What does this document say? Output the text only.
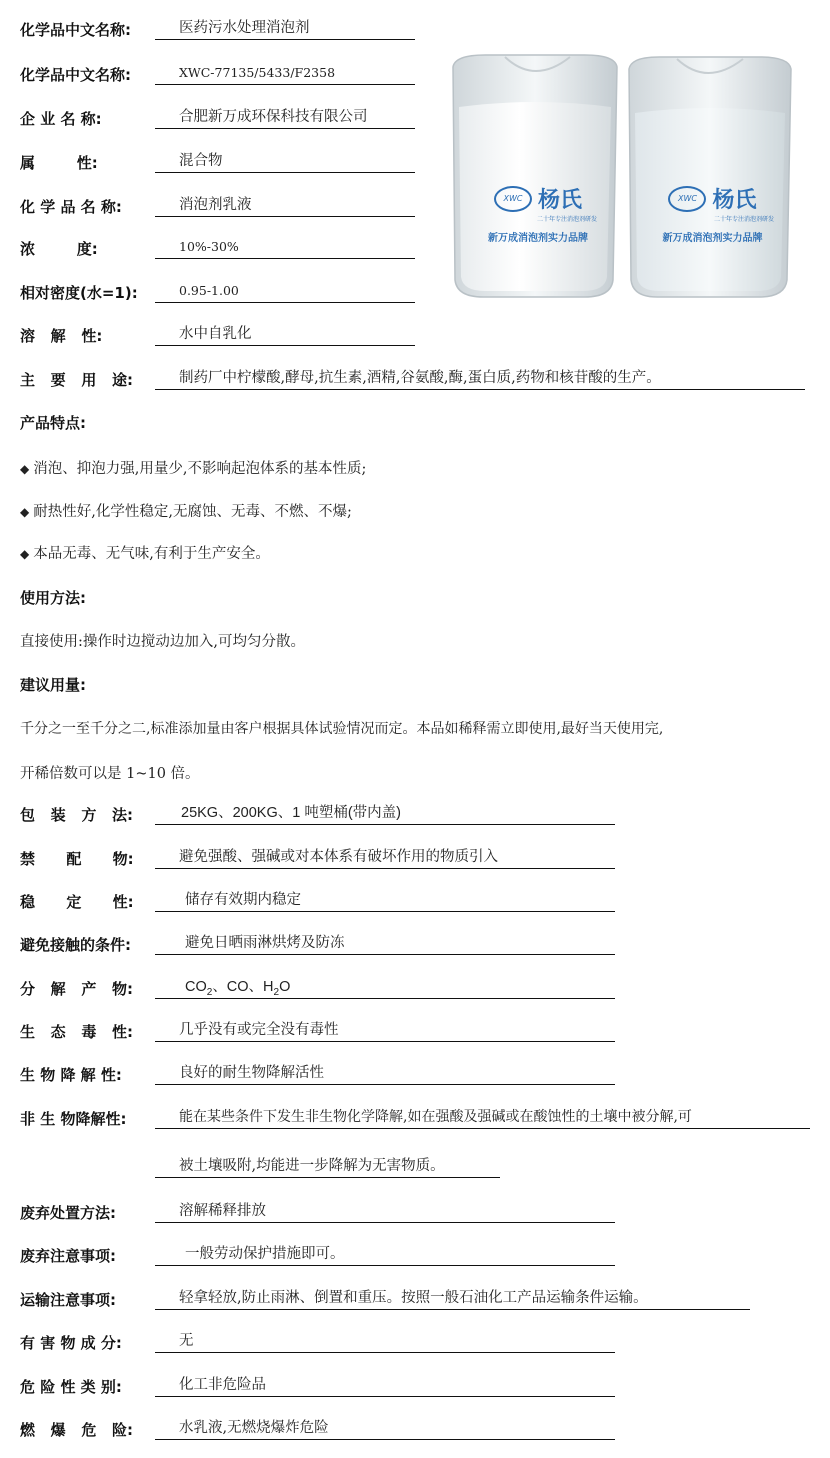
化学品中文名称:	医药污水处理消泡剂
化学品中文名称:	XWC-77135/5433/F2358
企 业 名 称:	合肥新万成环保科技有限公司
属        性:	混合物
化 学 品 名 称:	消泡剂乳液
浓        度:	10%-30%
相对密度(水=1):	0.95-1.00
溶   解   性:	水中自乳化
主   要   用   途:	制药厂中柠檬酸,酵母,抗生素,酒精,谷氨酸,酶,蛋白质,药物和核苷酸的生产。
XWC 杨氏
二十年专注消泡剂研发
新万成消泡剂实力品牌
XWC 杨氏
二十年专注消泡剂研发
新万成消泡剂实力品牌
产品特点:
◆ 消泡、抑泡力强,用量少,不影响起泡体系的基本性质;
◆ 耐热性好,化学性稳定,无腐蚀、无毒、不燃、不爆;
◆ 本品无毒、无气味,有利于生产安全。
使用方法:
直接使用:操作时边搅动边加入,可均匀分散。
建议用量:
千分之一至千分之二,标准添加量由客户根据具体试验情况而定。本品如稀释需立即使用,最好当天使用完,
开稀倍数可以是 1~10 倍。
包   装   方   法:	25KG、200KG、1 吨塑桶(带内盖)
禁      配      物:	避免强酸、强碱或对本体系有破坏作用的物质引入
稳      定      性:	储存有效期内稳定
避免接触的条件:	避免日晒雨淋烘烤及防冻
分   解   产   物:	$CO_2$、CO、$H_2O$
生   态   毒   性:	几乎没有或完全没有毒性
生 物 降 解 性:	良好的耐生物降解活性
非 生 物降解性:	能在某些条件下发生非生物化学降解,如在强酸及强碱或在酸蚀性的土壤中被分解,可
被土壤吸附,均能进一步降解为无害物质。
废弃处置方法:	溶解稀释排放
废弃注意事项:	一般劳动保护措施即可。
运输注意事项:	轻拿轻放,防止雨淋、倒置和重压。按照一般石油化工产品运输条件运输。
有 害 物 成 分:	无
危 险 性 类 别:	化工非危险品
燃   爆   危   险:	水乳液,无燃烧爆炸危险
